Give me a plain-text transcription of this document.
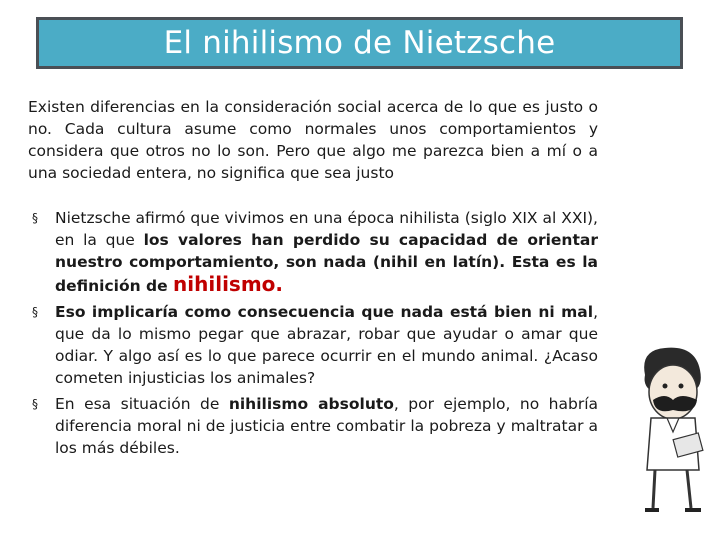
El nihilismo de Nietzsche
Existen diferencias en la consideración social acerca de lo que es justo o no. Cada cultura asume como normales unos comportamientos y considera que otros no lo son. Pero que algo me parezca bien a mí o a una sociedad entera, no significa que sea justo
§ Nietzsche afirmó que vivimos en una época nihilista (siglo XIX al XXI), en la que los valores han perdido su capacidad de orientar nuestro comportamiento, son nada (nihil en latín). Esta es la definición de nihilismo.
§ Eso implicaría como consecuencia que nada está bien ni mal, que da lo mismo pegar que abrazar, robar que ayudar o amar que odiar. Y algo así es lo que parece ocurrir en el mundo animal. ¿Acaso cometen injusticias los animales?
§ En esa situación de nihilismo absoluto, por ejemplo, no habría diferencia moral ni de justicia entre combatir la pobreza y maltratar a los más débiles.
